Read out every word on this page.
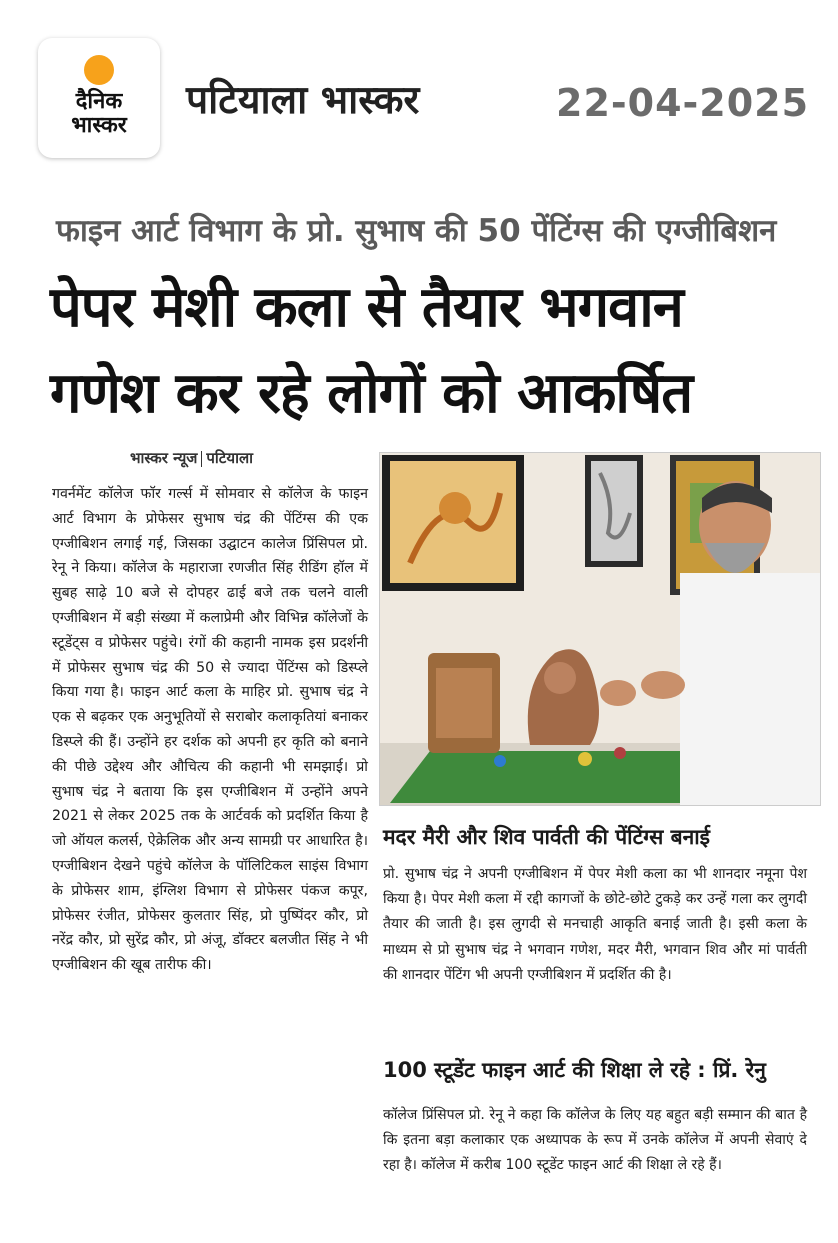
दैनिक
भास्कर
पटियाला भास्कर	22-04-2025
फाइन आर्ट विभाग के प्रो. सुभाष की 50 पेंटिंग्स की एग्जीबिशन
पेपर मेशी कला से तैयार भगवान
गणेश कर रहे लोगों को आकर्षित
भास्कर न्यूज पटियाला

गवर्नमेंट कॉलेज फॉर गर्ल्स में सोमवार से कॉलेज के फाइन आर्ट विभाग के प्रोफेसर सुभाष चंद्र की पेंटिंग्स की एक एग्जीबिशन लगाई गई, जिसका उद्घाटन कालेज प्रिंसिपल प्रो. रेनू ने किया। कॉलेज के महाराजा रणजीत सिंह रीडिंग हॉल में सुबह साढ़े 10 बजे से दोपहर ढाई बजे तक चलने वाली एग्जीबिशन में बड़ी संख्या में कलाप्रेमी और विभिन्न कॉलेजों के स्टूडेंट्स व प्रोफेसर पहुंचे। रंगों की कहानी नामक इस प्रदर्शनी में प्रोफेसर सुभाष चंद्र की 50 से ज्यादा पेंटिंग्स को डिस्प्ले किया गया है। फाइन आर्ट कला के माहिर प्रो. सुभाष चंद्र ने एक से बढ़कर एक अनुभूतियों से सराबोर कलाकृतियां बनाकर डिस्प्ले की हैं। उन्होंने हर दर्शक को अपनी हर कृति को बनाने की पीछे उद्देश्य और औचित्य की कहानी भी समझाई। प्रो सुभाष चंद्र ने बताया कि इस एग्जीबिशन में उन्होंने अपने 2021 से लेकर 2025 तक के आर्टवर्क को प्रदर्शित किया है जो ऑयल कलर्स, ऐक्रेलिक और अन्य सामग्री पर आधारित है। एग्जीबिशन देखने पहुंचे कॉलेज के पॉलिटिकल साइंस विभाग के प्रोफेसर शाम, इंग्लिश विभाग से प्रोफेसर पंकज कपूर, प्रोफेसर रंजीत, प्रोफेसर कुलतार सिंह, प्रो पुष्पिंदर कौर, प्रो नरेंद्र कौर, प्रो सुरेंद्र कौर, प्रो अंजू, डॉक्टर बलजीत सिंह ने भी एग्जीबिशन की खूब तारीफ की।

मदर मैरी और शिव पार्वती की पेंटिंग्स बनाई

प्रो. सुभाष चंद्र ने अपनी एग्जीबिशन में पेपर मेशी कला का भी शानदार नमूना पेश किया है। पेपर मेशी कला में रद्दी कागजों के छोटे-छोटे टुकड़े कर उन्हें गला कर लुगदी तैयार की जाती है। इस लुगदी से मनचाही आकृति बनाई जाती है। इसी कला के माध्यम से प्रो सुभाष चंद्र ने भगवान गणेश, मदर मैरी, भगवान शिव और मां पार्वती की शानदार पेंटिंग भी अपनी एग्जीबिशन में प्रदर्शित की है।

100 स्टूडेंट फाइन आर्ट की शिक्षा ले रहे : प्रिं. रेनु

कॉलेज प्रिंसिपल प्रो. रेनू ने कहा कि कॉलेज के लिए यह बहुत बड़ी सम्मान की बात है कि इतना बड़ा कलाकार एक अध्यापक के रूप में उनके कॉलेज में अपनी सेवाएं दे रहा है। कॉलेज में करीब 100 स्टूडेंट फाइन आर्ट की शिक्षा ले रहे हैं।
